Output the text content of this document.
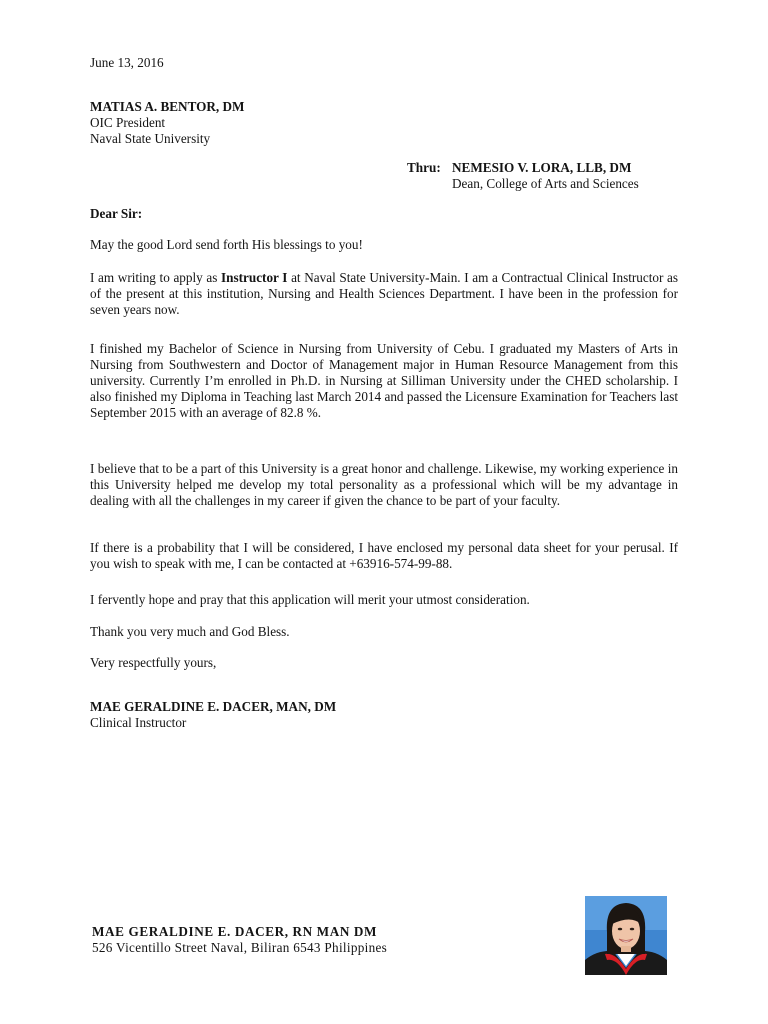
June 13, 2016
MATIAS A. BENTOR, DM
OIC President
Naval State University
Thru: NEMESIO V. LORA, LLB, DM
Dean, College of Arts and Sciences
Dear Sir:
May the good Lord send forth His blessings to you!
I am writing to apply as Instructor I at Naval State University-Main. I am a Contractual Clinical Instructor as of the present at this institution, Nursing and Health Sciences Department. I have been in the profession for seven years now.
I finished my Bachelor of Science in Nursing from University of Cebu. I graduated my Masters of Arts in Nursing from Southwestern and Doctor of Management major in Human Resource Management from this university. Currently I’m enrolled in Ph.D. in Nursing at Silliman University under the CHED scholarship. I also finished my Diploma in Teaching last March 2014 and passed the Licensure Examination for Teachers last September 2015 with an average of 82.8 %.
I believe that to be a part of this University is a great honor and challenge. Likewise, my working experience in this University helped me develop my total personality as a professional which will be my advantage in dealing with all the challenges in my career if given the chance to be part of your faculty.
If there is a probability that I will be considered, I have enclosed my personal data sheet for your perusal. If you wish to speak with me, I can be contacted at +63916-574-99-88.
I fervently hope and pray that this application will merit your utmost consideration.
Thank you very much and God Bless.
Very respectfully yours,
MAE GERALDINE E. DACER, MAN, DM
Clinical Instructor
MAE GERALDINE E. DACER, RN MAN DM
526 Vicentillo Street Naval, Biliran 6543 Philippines
